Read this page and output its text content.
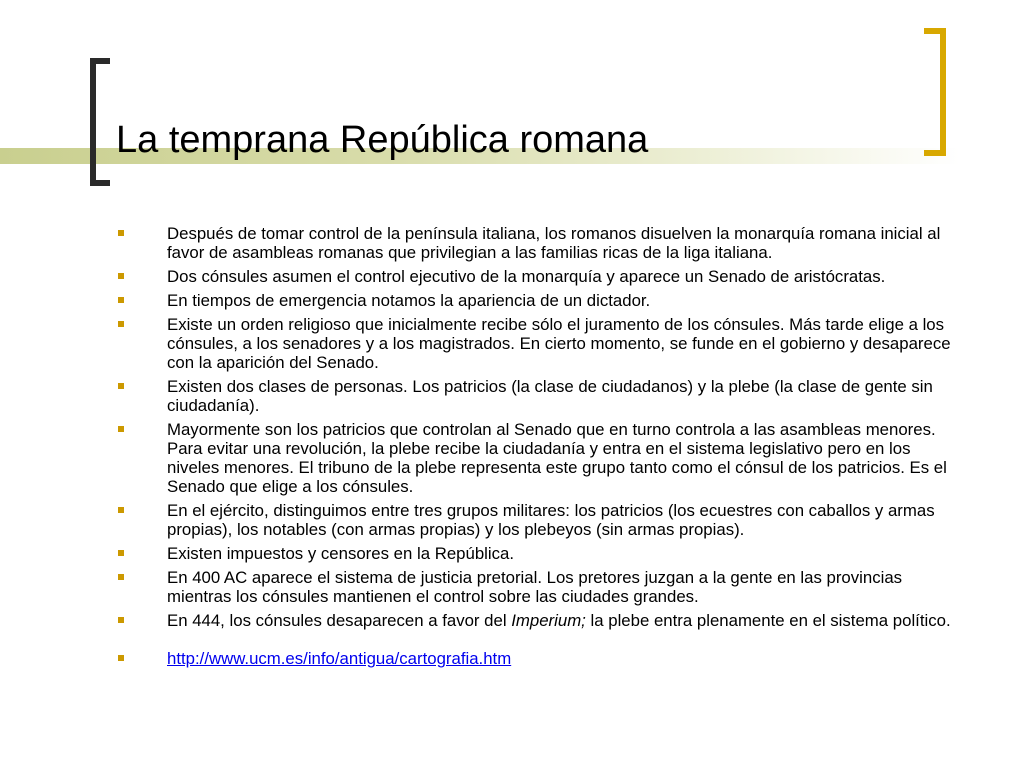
La temprana República romana
Después de tomar control de la península italiana, los romanos disuelven la monarquía romana inicial al favor de asambleas romanas que privilegian a las familias ricas de la liga italiana.
Dos cónsules asumen el control ejecutivo de la monarquía y aparece un Senado de aristócratas.
En tiempos de emergencia notamos la apariencia de un dictador.
Existe un orden religioso que inicialmente recibe sólo el juramento de los cónsules. Más tarde elige a los cónsules, a los senadores y a los magistrados. En cierto momento, se funde en el gobierno y desaparece con la aparición del Senado.
Existen dos clases de personas. Los patricios (la clase de ciudadanos) y la plebe (la clase de gente sin ciudadanía).
Mayormente son los patricios que controlan al Senado que en turno controla a las asambleas menores. Para evitar una revolución, la plebe recibe la ciudadanía y entra en el sistema legislativo pero en los niveles menores. El tribuno de la plebe representa este grupo tanto como el cónsul de los patricios. Es el Senado que elige a los cónsules.
En el ejército, distinguimos entre tres grupos militares: los patricios (los ecuestres con caballos y armas propias), los notables (con armas propias) y los plebeyos (sin armas propias).
Existen impuestos y censores en la República.
En 400 AC aparece el sistema de justicia pretorial. Los pretores juzgan a la gente en las provincias mientras los cónsules mantienen el control sobre las ciudades grandes.
En 444, los cónsules desaparecen a favor del Imperium; la plebe entra plenamente en el sistema político.
http://www.ucm.es/info/antigua/cartografia.htm
